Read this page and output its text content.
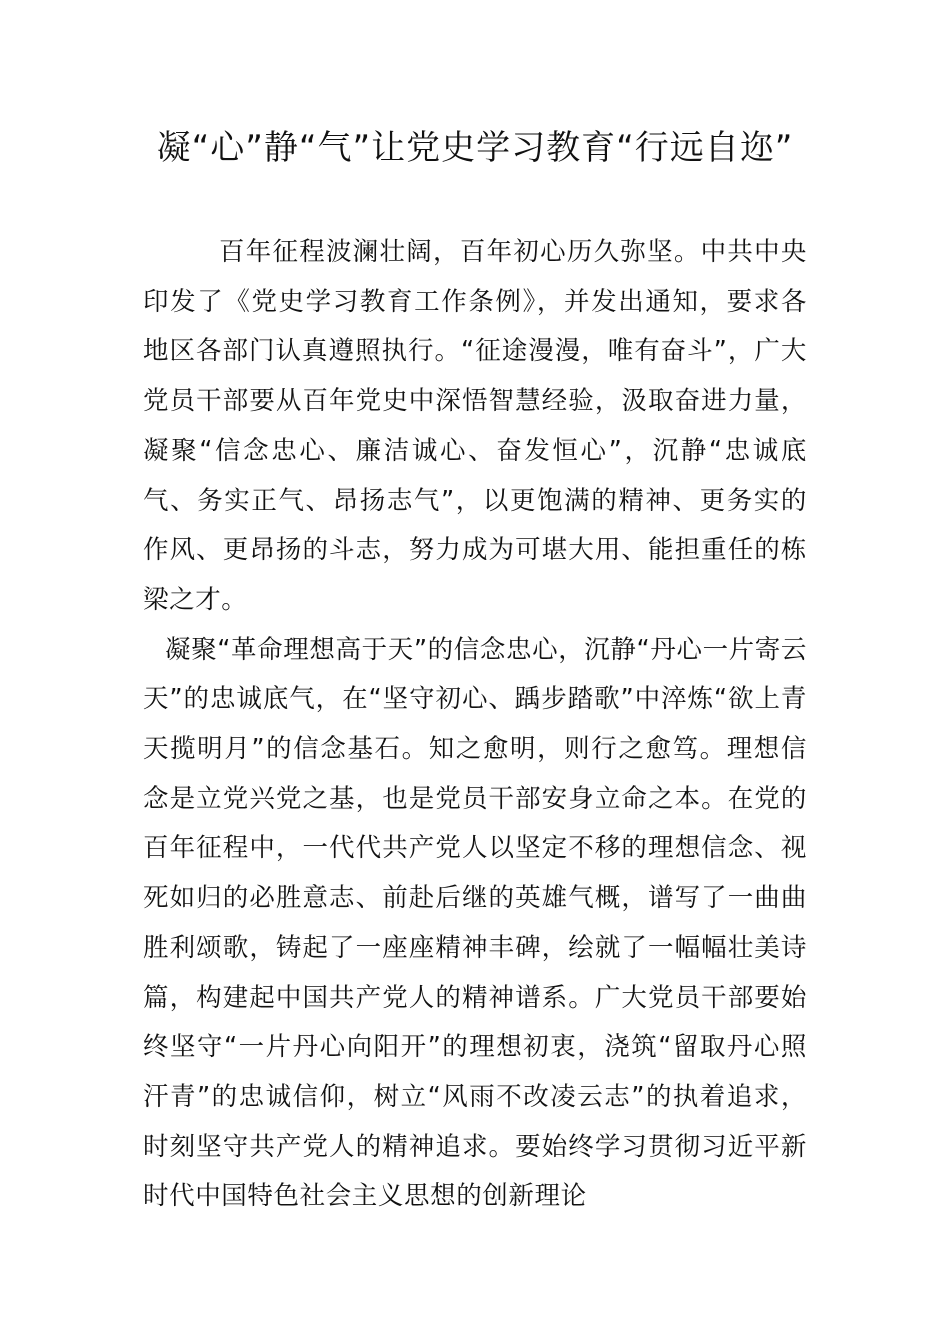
凝“心”静“气”让党史学习教育“行远自迩”

百年征程波澜壮阔，百年初心历久弥坚。中共中央印发了《党史学习教育工作条例》，并发出通知，要求各地区各部门认真遵照执行。“征途漫漫，唯有奋斗”，广大党员干部要从百年党史中深悟智慧经验，汲取奋进力量，凝聚“信念忠心、廉洁诚心、奋发恒心”，沉静“忠诚底气、务实正气、昂扬志气”，以更饱满的精神、更务实的作风、更昂扬的斗志，努力成为可堪大用、能担重任的栋梁之才。

凝聚“革命理想高于天”的信念忠心，沉静“丹心一片寄云天”的忠诚底气，在“坚守初心、踽步踏歌”中淬炼“欲上青天揽明月”的信念基石。知之愈明，则行之愈笃。理想信念是立党兴党之基，也是党员干部安身立命之本。在党的百年征程中，一代代共产党人以坚定不移的理想信念、视死如归的必胜意志、前赴后继的英雄气概，谱写了一曲曲胜利颂歌，铸起了一座座精神丰碑，绘就了一幅幅壮美诗篇，构建起中国共产党人的精神谱系。广大党员干部要始终坚守“一片丹心向阳开”的理想初衷，浇筑“留取丹心照汗青”的忠诚信仰，树立“风雨不改凌云志”的执着追求，时刻坚守共产党人的精神追求。要始终学习贯彻习近平新时代中国特色社会主义思想的创新理论
